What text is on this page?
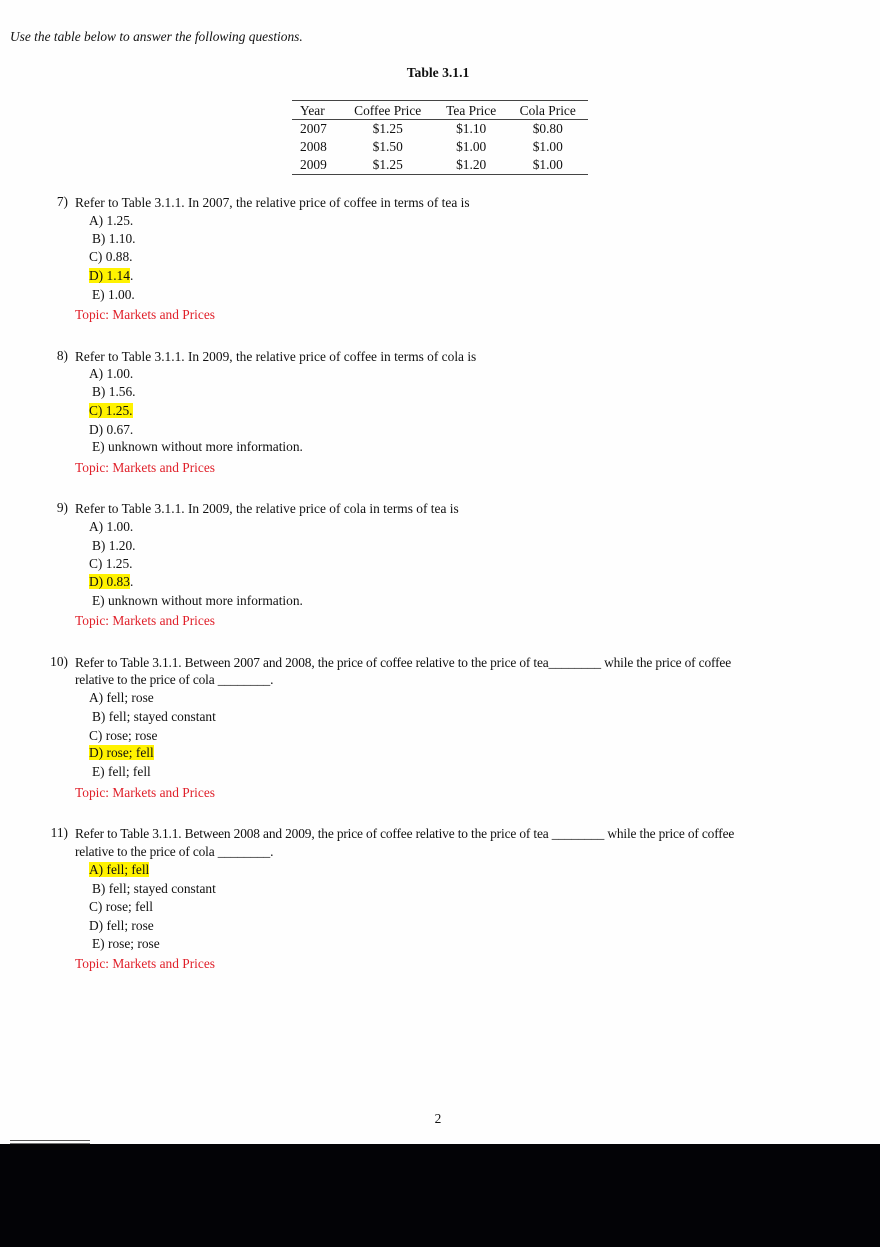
Use the table below to answer the following questions.
Table 3.1.1
Year	Coffee Price	Tea Price	Cola Price
2007	$1.25	$1.10	$0.80
2008	$1.50	$1.00	$1.00
2009	$1.25	$1.20	$1.00
7) Refer to Table 3.1.1. In 2007, the relative price of coffee in terms of tea is
A) 1.25.
B) 1.10.
C) 0.88.
D) 1.14.
E) 1.00.
Topic: Markets and Prices
8) Refer to Table 3.1.1. In 2009, the relative price of coffee in terms of cola is
A) 1.00.
B) 1.56.
C) 1.25.
D) 0.67.
E) unknown without more information.
Topic: Markets and Prices
9) Refer to Table 3.1.1. In 2009, the relative price of cola in terms of tea is
A) 1.00.
B) 1.20.
C) 1.25.
D) 0.83.
E) unknown without more information.
Topic: Markets and Prices
10) Refer to Table 3.1.1. Between 2007 and 2008, the price of coffee relative to the price of tea________ while the price of coffee
relative to the price of cola ________.
A) fell; rose
B) fell; stayed constant
C) rose; rose
D) rose; fell
E) fell; fell
Topic: Markets and Prices
11) Refer to Table 3.1.1. Between 2008 and 2009, the price of coffee relative to the price of tea ________ while the price of coffee
relative to the price of cola ________.
A) fell; fell
B) fell; stayed constant
C) rose; fell
D) fell; rose
E) rose; rose
Topic: Markets and Prices
2
